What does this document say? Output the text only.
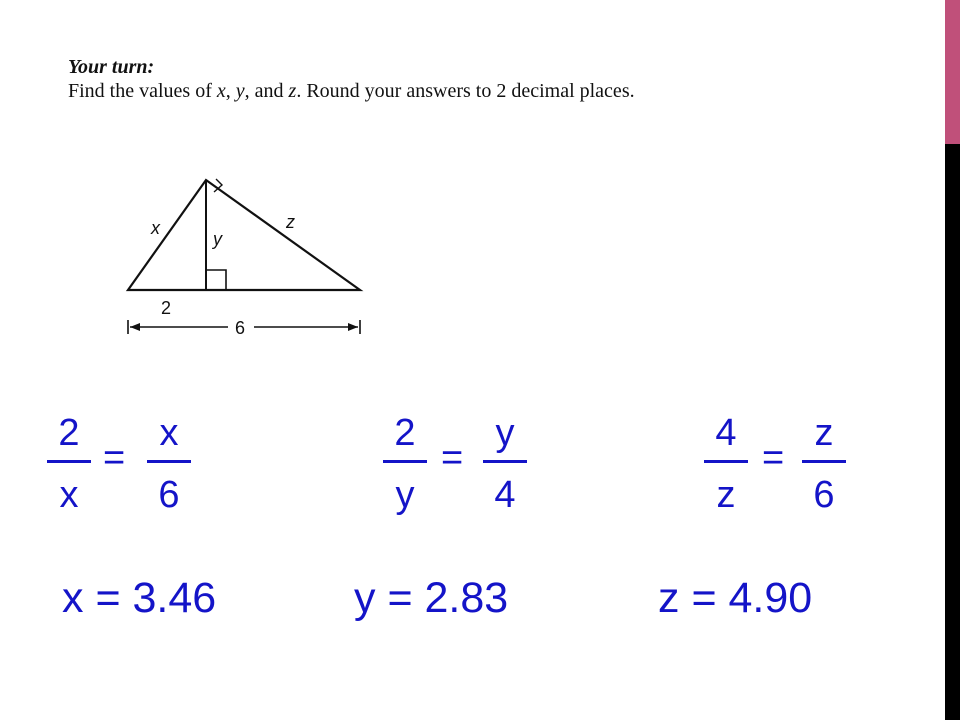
Your turn:
Find the values of x, y, and z. Round your answers to 2 decimal places.
x
y
z
2
6
2
x
=
x
6
2
y
=
y
4
4
z
=
z
6
x = 3.46	y = 2.83	z = 4.90
